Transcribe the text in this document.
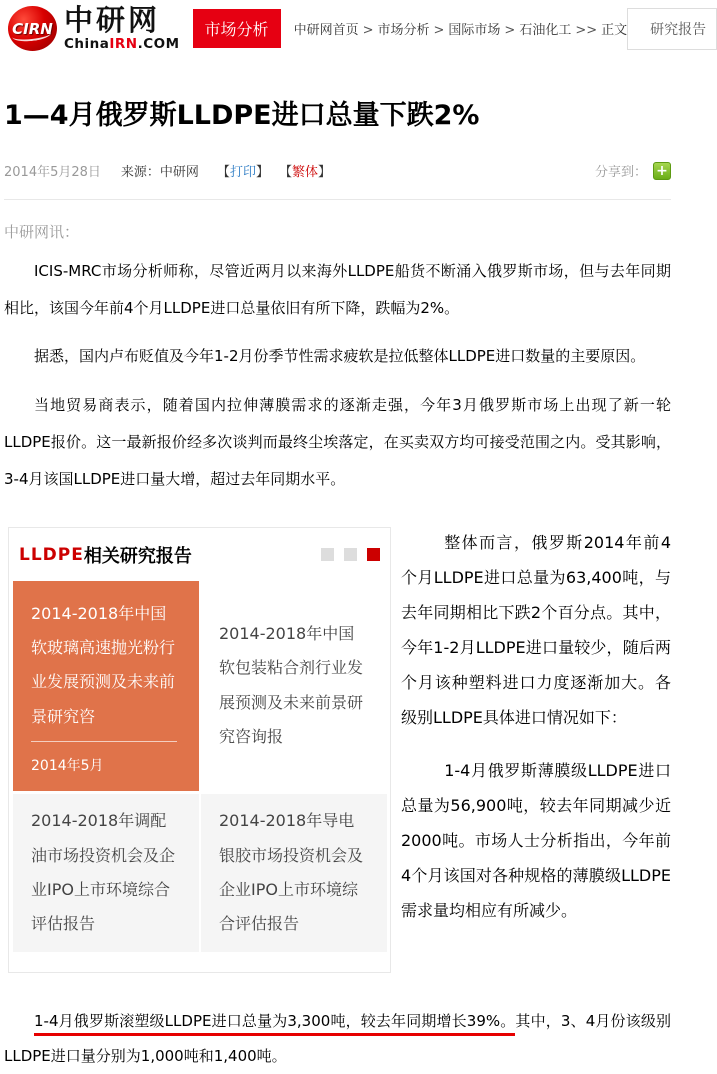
CIRN 中研网
ChinaIRN.COM
市场分析	中研网首页 > 市场分析 > 国际市场 > 石油化工 >> 正文	研究报告
1—4月俄罗斯LLDPE进口总量下跌2%
2014年5月28日 来源：中研网 【打印】 【繁体】	分享到： +
中研网讯：

ICIS-MRC市场分析师称，尽管近两月以来海外LLDPE船货不断涌入俄罗斯市场，但与去年同期相比，该国今年前4个月LLDPE进口总量依旧有所下降，跌幅为2%。

据悉，国内卢布贬值及今年1-2月份季节性需求疲软是拉低整体LLDPE进口数量的主要原因。

当地贸易商表示，随着国内拉伸薄膜需求的逐渐走强，今年3月俄罗斯市场上出现了新一轮LLDPE报价。这一最新报价经多次谈判而最终尘埃落定，在买卖双方均可接受范围之内。受其影响，3-4月该国LLDPE进口量大增，超过去年同期水平。

LLDPE 相关研究报告
2014-2018年中国软玻璃高速抛光粉行业发展预测及未来前景研究咨
2014年5月
2014-2018年中国软包装粘合剂行业发展预测及未来前景研究咨询报
2014-2018年调配油市场投资机会及企业IPO上市环境综合评估报告
2014-2018年导电银胶市场投资机会及企业IPO上市环境综合评估报告

整体而言，俄罗斯2014年前4个月LLDPE进口总量为63,400吨，与去年同期相比下跌2个百分点。其中，今年1-2月LLDPE进口量较少，随后两个月该种塑料进口力度逐渐加大。各级别LLDPE具体进口情况如下：

1-4月俄罗斯薄膜级LLDPE进口总量为56,900吨，较去年同期减少近2000吨。市场人士分析指出，今年前4个月该国对各种规格的薄膜级LLDPE需求量均相应有所减少。

1-4月俄罗斯滚塑级LLDPE进口总量为3,300吨，较去年同期增长39%。其中，3、4月份该级别LLDPE进口量分别为1,000吨和1,400吨。
